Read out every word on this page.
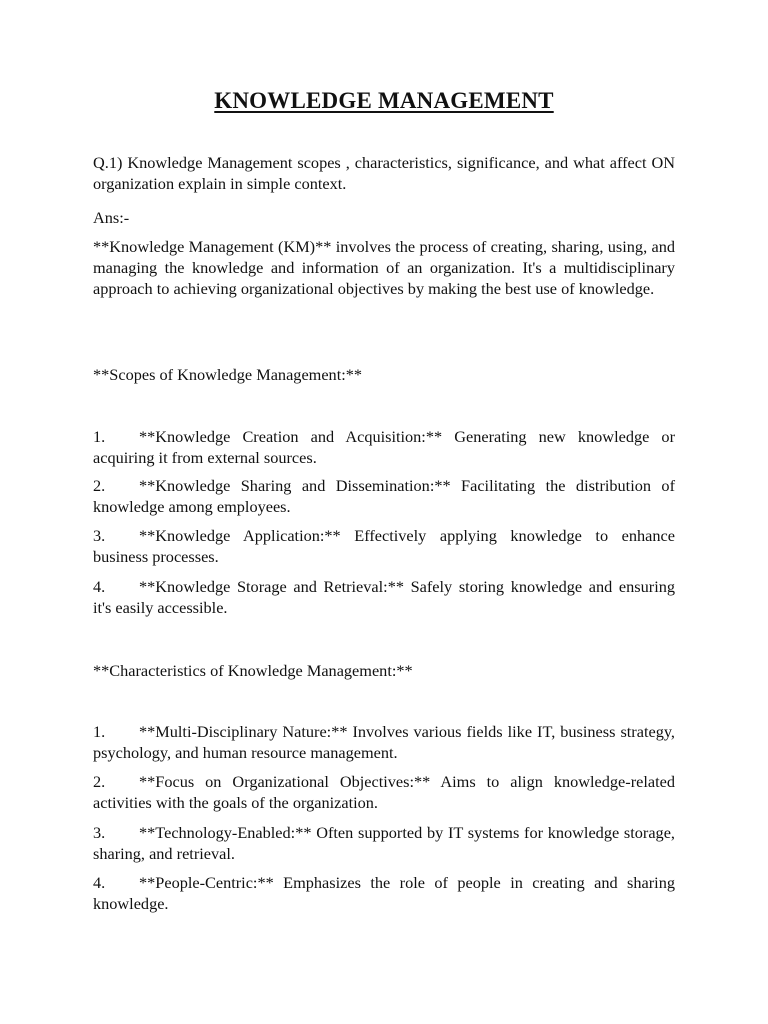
KNOWLEDGE MANAGEMENT

Q.1) Knowledge Management scopes , characteristics, significance, and what affect ON organization explain in simple context.

Ans:-

**Knowledge Management (KM)** involves the process of creating, sharing, using, and managing the knowledge and information of an organization. It's a multidisciplinary approach to achieving organizational objectives by making the best use of knowledge.

**Scopes of Knowledge Management:**

1. **Knowledge Creation and Acquisition:** Generating new knowledge or acquiring it from external sources.

2. **Knowledge Sharing and Dissemination:** Facilitating the distribution of knowledge among employees.

3. **Knowledge Application:** Effectively applying knowledge to enhance business processes.

4. **Knowledge Storage and Retrieval:** Safely storing knowledge and ensuring it's easily accessible.

**Characteristics of Knowledge Management:**

1. **Multi-Disciplinary Nature:** Involves various fields like IT, business strategy, psychology, and human resource management.

2. **Focus on Organizational Objectives:** Aims to align knowledge-related activities with the goals of the organization.

3. **Technology-Enabled:** Often supported by IT systems for knowledge storage, sharing, and retrieval.

4. **People-Centric:** Emphasizes the role of people in creating and sharing knowledge.
